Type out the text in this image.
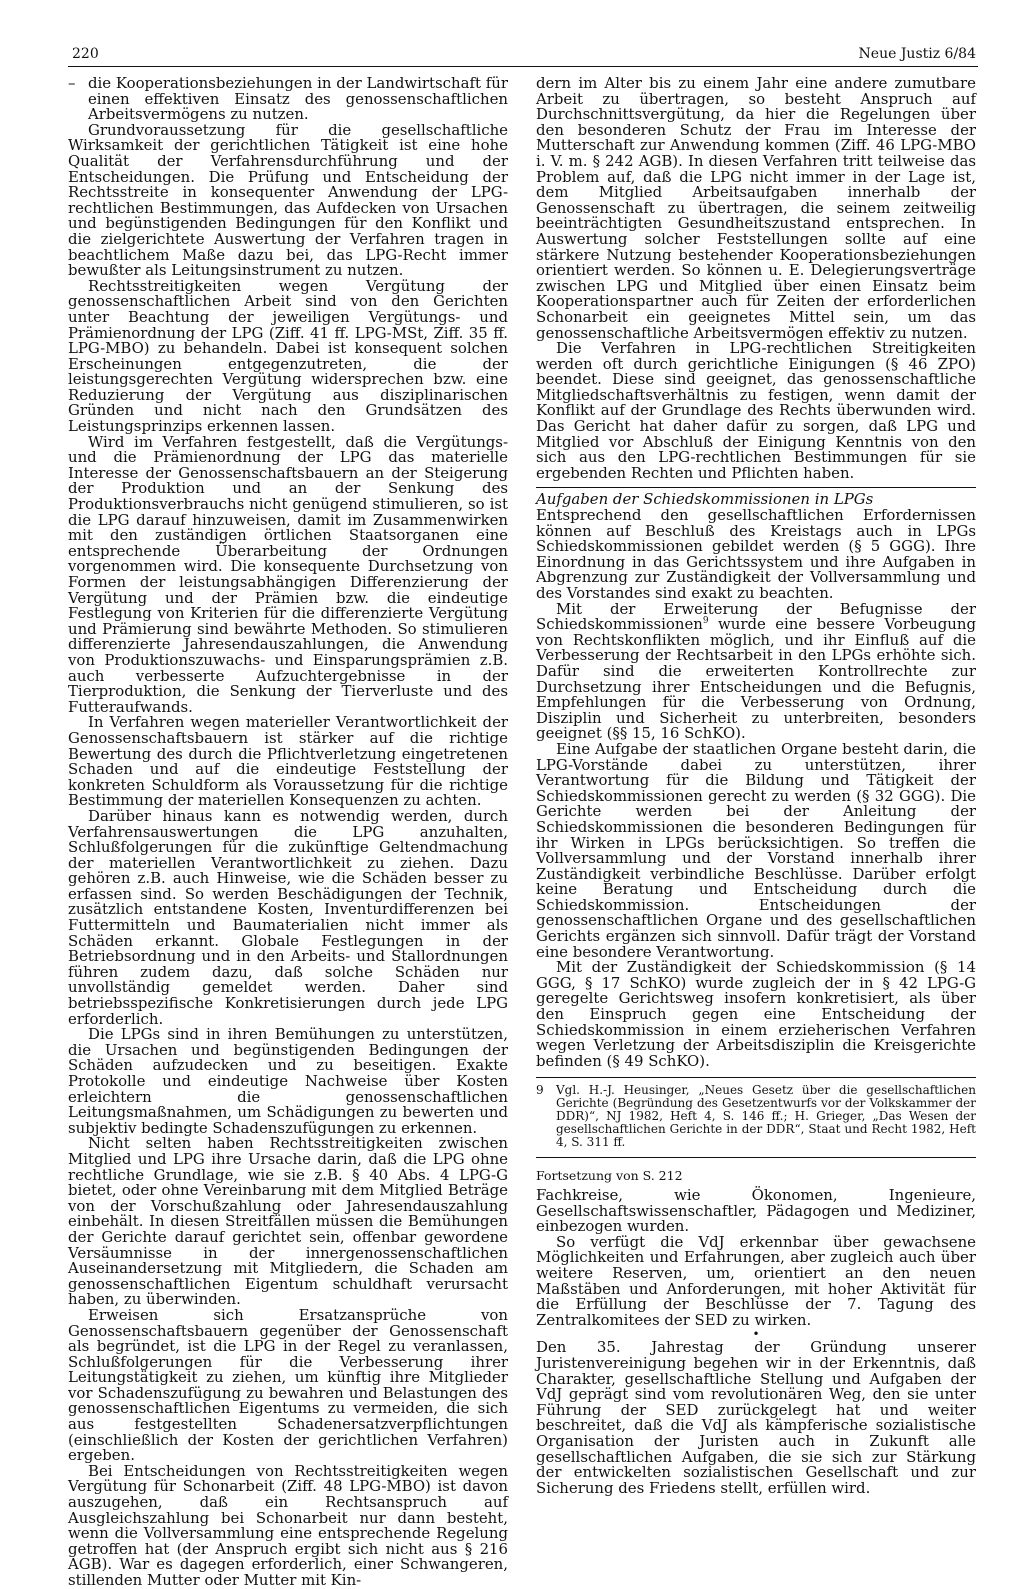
220	Neue Justiz 6/84
– die Kooperationsbeziehungen in der Landwirtschaft für einen effektiven Einsatz des genossenschaftlichen Arbeitsvermögens zu nutzen.

Grundvoraussetzung für die gesellschaftliche Wirksamkeit der gerichtlichen Tätigkeit ist eine hohe Qualität der Verfahrensdurchführung und der Entscheidungen. Die Prüfung und Entscheidung der Rechtsstreite in konsequenter Anwendung der LPG-rechtlichen Bestimmungen, das Aufdecken von Ursachen und begünstigenden Bedingungen für den Konflikt und die zielgerichtete Auswertung der Verfahren tragen in beachtlichem Maße dazu bei, das LPG-Recht immer bewußter als Leitungsinstrument zu nutzen.

Rechtsstreitigkeiten wegen Vergütung der genossenschaftlichen Arbeit sind von den Gerichten unter Beachtung der jeweiligen Vergütungs- und Prämienordnung der LPG (Ziff. 41 ff. LPG-MSt, Ziff. 35 ff. LPG-MBO) zu behandeln. Dabei ist konsequent solchen Erscheinungen entgegenzutreten, die der leistungsgerechten Vergütung widersprechen bzw. eine Reduzierung der Vergütung aus disziplinarischen Gründen und nicht nach den Grundsätzen des Leistungsprinzips erkennen lassen.

Wird im Verfahren festgestellt, daß die Vergütungs- und die Prämienordnung der LPG das materielle Interesse der Genossenschaftsbauern an der Steigerung der Produktion und an der Senkung des Produktionsverbrauchs nicht genügend stimulieren, so ist die LPG darauf hinzuweisen, damit im Zusammenwirken mit den zuständigen örtlichen Staatsorganen eine entsprechende Überarbeitung der Ordnungen vorgenommen wird. Die konsequente Durchsetzung von Formen der leistungsabhängigen Differenzierung der Vergütung und der Prämien bzw. die eindeutige Festlegung von Kriterien für die differenzierte Vergütung und Prämierung sind bewährte Methoden. So stimulieren differenzierte Jahresendauszahlungen, die Anwendung von Produktionszuwachs- und Einsparungsprämien z.B. auch verbesserte Aufzuchtergebnisse in der Tierproduktion, die Senkung der Tierverluste und des Futteraufwands.

In Verfahren wegen materieller Verantwortlichkeit der Genossenschaftsbauern ist stärker auf die richtige Bewertung des durch die Pflichtverletzung eingetretenen Schaden und auf die eindeutige Feststellung der konkreten Schuldform als Voraussetzung für die richtige Bestimmung der materiellen Konsequenzen zu achten.

Darüber hinaus kann es notwendig werden, durch Verfahrensauswertungen die LPG anzuhalten, Schlußfolgerungen für die zukünftige Geltendmachung der materiellen Verantwortlichkeit zu ziehen. Dazu gehören z.B. auch Hinweise, wie die Schäden besser zu erfassen sind. So werden Beschädigungen der Technik, zusätzlich entstandene Kosten, Inventurdifferenzen bei Futtermitteln und Baumaterialien nicht immer als Schäden erkannt. Globale Festlegungen in der Betriebsordnung und in den Arbeits- und Stallordnungen führen zudem dazu, daß solche Schäden nur unvollständig gemeldet werden. Daher sind betriebsspezifische Konkretisierungen durch jede LPG erforderlich.

Die LPGs sind in ihren Bemühungen zu unterstützen, die Ursachen und begünstigenden Bedingungen der Schäden aufzudecken und zu beseitigen. Exakte Protokolle und eindeutige Nachweise über Kosten erleichtern die genossenschaftlichen Leitungsmaßnahmen, um Schädigungen zu bewerten und subjektiv bedingte Schadenszufügungen zu erkennen.

Nicht selten haben Rechtsstreitigkeiten zwischen Mitglied und LPG ihre Ursache darin, daß die LPG ohne rechtliche Grundlage, wie sie z.B. § 40 Abs. 4 LPG-G bietet, oder ohne Vereinbarung mit dem Mitglied Beträge von der Vorschußzahlung oder Jahresendauszahlung einbehält. In diesen Streitfällen müssen die Bemühungen der Gerichte darauf gerichtet sein, offenbar gewordene Versäumnisse in der innergenossenschaftlichen Auseinandersetzung mit Mitgliedern, die Schaden am genossenschaftlichen Eigentum schuldhaft verursacht haben, zu überwinden.

Erweisen sich Ersatzansprüche von Genossenschaftsbauern gegenüber der Genossenschaft als begründet, ist die LPG in der Regel zu veranlassen, Schlußfolgerungen für die Verbesserung ihrer Leitungstätigkeit zu ziehen, um künftig ihre Mitglieder vor Schadenszufügung zu bewahren und Belastungen des genossenschaftlichen Eigentums zu vermeiden, die sich aus festgestellten Schadenersatzverpflichtungen (einschließlich der Kosten der gerichtlichen Verfahren) ergeben.

Bei Entscheidungen von Rechtsstreitigkeiten wegen Vergütung für Schonarbeit (Ziff. 48 LPG-MBO) ist davon auszugehen, daß ein Rechtsanspruch auf Ausgleichszahlung bei Schonarbeit nur dann besteht, wenn die Vollversammlung eine entsprechende Regelung getroffen hat (der Anspruch ergibt sich nicht aus § 216 AGB). War es dagegen erforderlich, einer Schwangeren, stillenden Mutter oder Mutter mit Kin-

dern im Alter bis zu einem Jahr eine andere zumutbare Arbeit zu übertragen, so besteht Anspruch auf Durchschnittsvergütung, da hier die Regelungen über den besonderen Schutz der Frau im Interesse der Mutterschaft zur Anwendung kommen (Ziff. 46 LPG-MBO i. V. m. § 242 AGB). In diesen Verfahren tritt teilweise das Problem auf, daß die LPG nicht immer in der Lage ist, dem Mitglied Arbeitsaufgaben innerhalb der Genossenschaft zu übertragen, die seinem zeitweilig beeinträchtigten Gesundheitszustand entsprechen. In Auswertung solcher Feststellungen sollte auf eine stärkere Nutzung bestehender Kooperationsbeziehungen orientiert werden. So können u. E. Delegierungsverträge zwischen LPG und Mitglied über einen Einsatz beim Kooperationspartner auch für Zeiten der erforderlichen Schonarbeit ein geeignetes Mittel sein, um das genossenschaftliche Arbeitsvermögen effektiv zu nutzen.

Die Verfahren in LPG-rechtlichen Streitigkeiten werden oft durch gerichtliche Einigungen (§ 46 ZPO) beendet. Diese sind geeignet, das genossenschaftliche Mitgliedschaftsverhältnis zu festigen, wenn damit der Konflikt auf der Grundlage des Rechts überwunden wird. Das Gericht hat daher dafür zu sorgen, daß LPG und Mitglied vor Abschluß der Einigung Kenntnis von den sich aus den LPG-rechtlichen Bestimmungen für sie ergebenden Rechten und Pflichten haben.

Aufgaben der Schiedskommissionen in LPGs

Entsprechend den gesellschaftlichen Erfordernissen können auf Beschluß des Kreistags auch in LPGs Schiedskommissionen gebildet werden (§ 5 GGG). Ihre Einordnung in das Gerichtssystem und ihre Aufgaben in Abgrenzung zur Zuständigkeit der Vollversammlung und des Vorstandes sind exakt zu beachten.

Mit der Erweiterung der Befugnisse der Schiedskommissionen$^9$ wurde eine bessere Vorbeugung von Rechtskonflikten möglich, und ihr Einfluß auf die Verbesserung der Rechtsarbeit in den LPGs erhöhte sich. Dafür sind die erweiterten Kontrollrechte zur Durchsetzung ihrer Entscheidungen und die Befugnis, Empfehlungen für die Verbesserung von Ordnung, Disziplin und Sicherheit zu unterbreiten, besonders geeignet (§§ 15, 16 SchKO).

Eine Aufgabe der staatlichen Organe besteht darin, die LPG-Vorstände dabei zu unterstützen, ihrer Verantwortung für die Bildung und Tätigkeit der Schiedskommissionen gerecht zu werden (§ 32 GGG). Die Gerichte werden bei der Anleitung der Schiedskommissionen die besonderen Bedingungen für ihr Wirken in LPGs berücksichtigen. So treffen die Vollversammlung und der Vorstand innerhalb ihrer Zuständigkeit verbindliche Beschlüsse. Darüber erfolgt keine Beratung und Entscheidung durch die Schiedskommission. Entscheidungen der genossenschaftlichen Organe und des gesellschaftlichen Gerichts ergänzen sich sinnvoll. Dafür trägt der Vorstand eine besondere Verantwortung.

Mit der Zuständigkeit der Schiedskommission (§ 14 GGG, § 17 SchKO) wurde zugleich der in § 42 LPG-G geregelte Gerichtsweg insofern konkretisiert, als über den Einspruch gegen eine Entscheidung der Schiedskommission in einem erzieherischen Verfahren wegen Verletzung der Arbeitsdisziplin die Kreisgerichte befinden (§ 49 SchKO).

9	Vgl. H.-J. Heusinger, „Neues Gesetz über die gesellschaftlichen Gerichte (Begründung des Gesetzentwurfs vor der Volkskammer der DDR)“, NJ 1982, Heft 4, S. 146 ff.; H. Grieger, „Das Wesen der gesellschaftlichen Gerichte in der DDR“, Staat und Recht 1982, Heft 4, S. 311 ff.
Fortsetzung von S. 212

Fachkreise, wie Ökonomen, Ingenieure, Gesellschaftswissenschaftler, Pädagogen und Mediziner, einbezogen wurden.

So verfügt die VdJ erkennbar über gewachsene Möglichkeiten und Erfahrungen, aber zugleich auch über weitere Reserven, um, orientiert an den neuen Maßstäben und Anforderungen, mit hoher Aktivität für die Erfüllung der Beschlüsse der 7. Tagung des Zentralkomitees der SED zu wirken.

•

Den 35. Jahrestag der Gründung unserer Juristenvereinigung begehen wir in der Erkenntnis, daß Charakter, gesellschaftliche Stellung und Aufgaben der VdJ geprägt sind vom revolutionären Weg, den sie unter Führung der SED zurückgelegt hat und weiter beschreitet, daß die VdJ als kämpferische sozialistische Organisation der Juristen auch in Zukunft alle gesellschaftlichen Aufgaben, die sie sich zur Stärkung der entwickelten sozialistischen Gesellschaft und zur Sicherung des Friedens stellt, erfüllen wird.
